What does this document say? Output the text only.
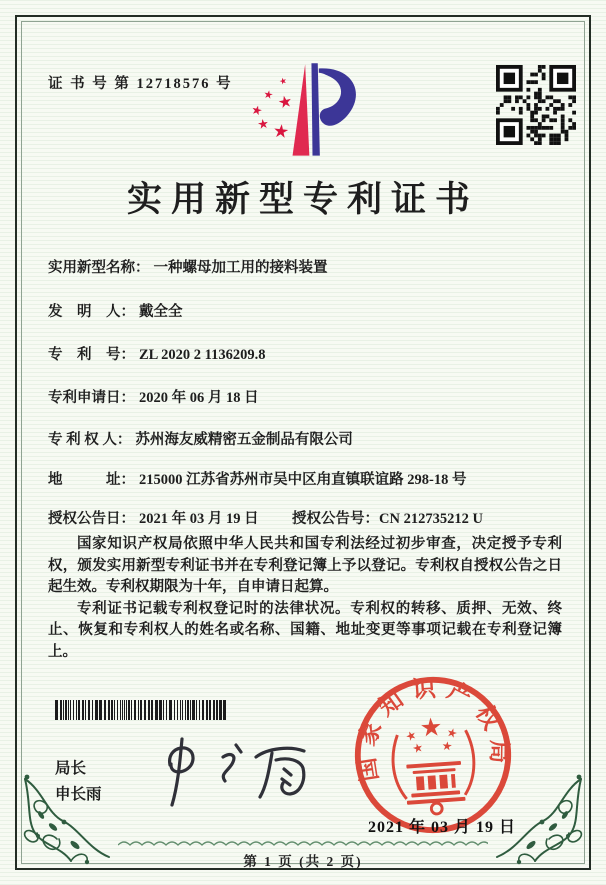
证 书 号 第 12718576 号
实用新型专利证书
实用新型名称： 一种螺母加工用的接料装置
发　明　人： 戴全全
专　利　号： ZL 2020 2 1136209.8
专利申请日： 2020 年 06 月 18 日
专 利 权 人： 苏州海友威精密五金制品有限公司
地　　　址： 215000 江苏省苏州市吴中区甪直镇联谊路 298-18 号
授权公告日： 2021 年 03 月 19 日 授权公告号：CN 212735212 U

国家知识产权局依照中华人民共和国专利法经过初步审查，决定授予专利权，颁发实用新型专利证书并在专利登记簿上予以登记。专利权自授权公告之日起生效。专利权期限为十年，自申请日起算。

专利证书记载专利权登记时的法律状况。专利权的转移、质押、无效、终止、恢复和专利权人的姓名或名称、国籍、地址变更等事项记载在专利登记簿上。

局长
申长雨
国家知识产权局
2021 年 03 月 19 日
第 1 页 (共 2 页)
